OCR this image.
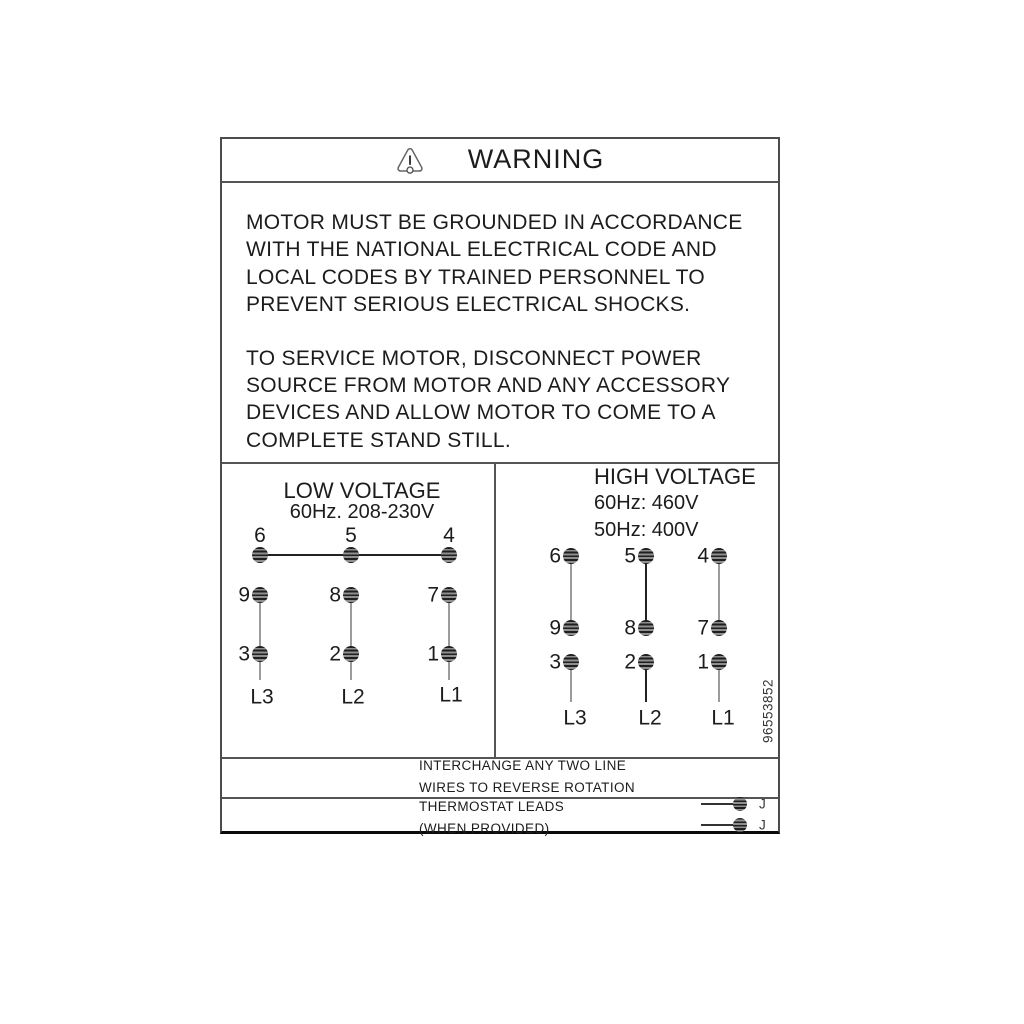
WARNING
MOTOR MUST BE GROUNDED IN ACCORDANCE
WITH THE NATIONAL ELECTRICAL CODE AND
LOCAL CODES BY TRAINED PERSONNEL TO
PREVENT SERIOUS ELECTRICAL SHOCKS.
TO SERVICE MOTOR, DISCONNECT POWER
SOURCE FROM MOTOR AND ANY ACCESSORY
DEVICES AND ALLOW MOTOR TO COME TO A
COMPLETE STAND STILL.
LOW VOLTAGE
60Hz. 208-230V
6	5	4
9	8	7
3	2	1
L3	L2	L1
HIGH VOLTAGE
60Hz: 460V
50Hz: 400V
6	5	4
9	8	7
3	2	1
L3 L2 L1 96553852
INTERCHANGE ANY TWO LINE
WIRES TO REVERSE ROTATION
THERMOSTAT LEADS
(WHEN PROVIDED)
J
J
